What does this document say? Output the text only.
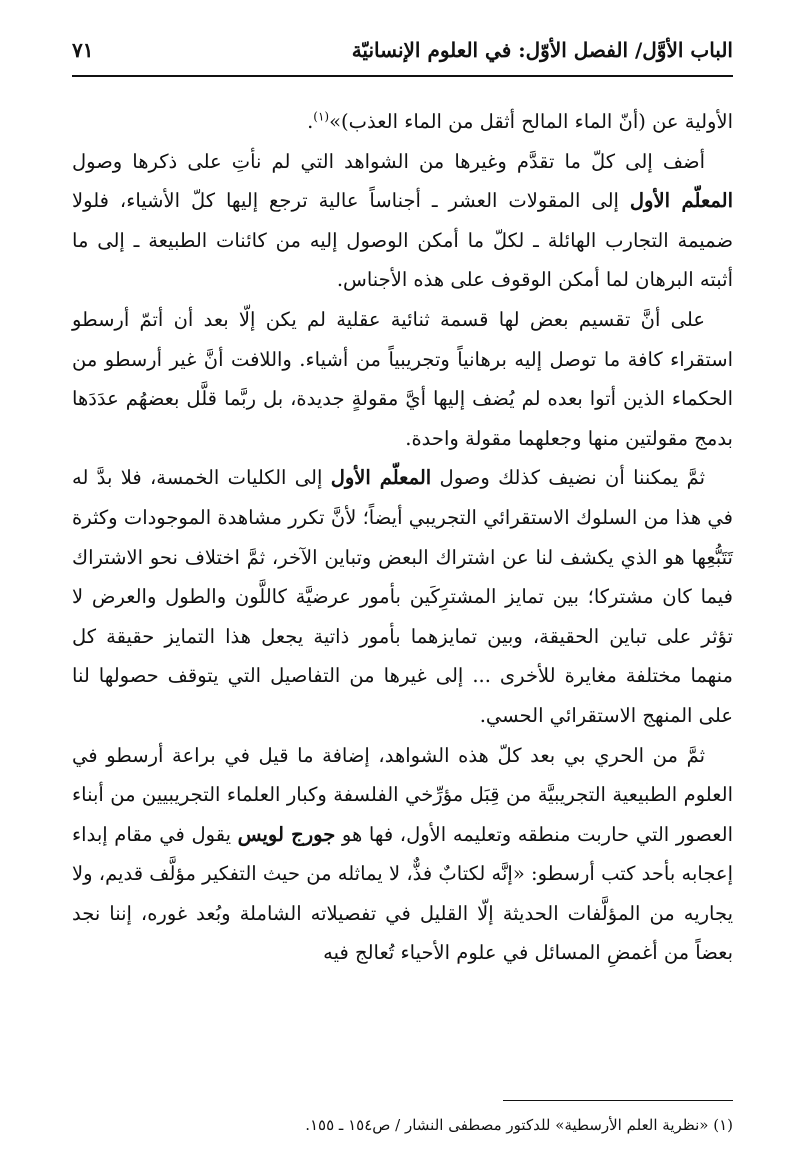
الباب الأوَّل/ الفصل الأوّل: في العلوم الإنسانيّة
٧١

الأولية عن (أنّ الماء المالح أثقل من الماء العذب)»$^{(١)}$.

أضف إلى كلّ ما تقدَّم وغيرها من الشواهد التي لم نأتِ على ذكرها وصول المعلّم الأول إلى المقولات العشر ـ أجناساً عالية ترجع إليها كلّ الأشياء، فلولا ضميمة التجارب الهائلة ـ لكلّ ما أمكن الوصول إليه من كائنات الطبيعة ـ إلى ما أثبته البرهان لما أمكن الوقوف على هذه الأجناس.

على أنَّ تقسيم بعض لها قسمة ثنائية عقلية لم يكن إلّا بعد أن أتمّ أرسطو استقراء كافة ما توصل إليه برهانياً وتجريبياً من أشياء. واللافت أنَّ غير أرسطو من الحكماء الذين أتوا بعده لم يُضف إليها أيَّ مقولةٍ جديدة، بل ربَّما قلَّل بعضهُم عدَدَها بدمج مقولتين منها وجعلهما مقولة واحدة.

ثمَّ يمكننا أن نضيف كذلك وصول المعلّم الأول إلى الكليات الخمسة، فلا بدَّ له في هذا من السلوك الاستقرائي التجريبي أيضاً؛ لأنَّ تكرر مشاهدة الموجودات وكثرة تَتَبُّعِها هو الذي يكشف لنا عن اشتراك البعض وتباين الآخر، ثمَّ اختلاف نحو الاشتراك فيما كان مشتركا؛ بين تمايز المشترِكَين بأمور عرضيَّة كاللَّون والطول والعرض لا تؤثر على تباين الحقيقة، وبين تمايزهما بأمور ذاتية يجعل هذا التمايز حقيقة كل منهما مختلفة مغايرة للأخرى ... إلى غيرها من التفاصيل التي يتوقف حصولها لنا على المنهج الاستقرائي الحسي.

ثمَّ من الحري بي بعد كلّ هذه الشواهد، إضافة ما قيل في براعة أرسطو في العلوم الطبيعية التجريبيَّة من قِبَل مؤرِّخي الفلسفة وكبار العلماء التجريبيين من أبناء العصور التي حاربت منطقه وتعليمه الأول، فها هو جورج لويس يقول في مقام إبداء إعجابه بأحد كتب أرسطو: «إنَّه لكتابٌ فذٌّ، لا يماثله من حيث التفكير مؤلَّف قديم، ولا يجاريه من المؤلَّفات الحديثة إلّا القليل في تفصيلاته الشاملة وبُعد غوره، إننا نجد بعضاً من أغمضِ المسائل في علوم الأحياء تُعالج فيه

(١) «نظرية العلم الأرسطية» للدكتور مصطفى النشار / ص١٥٤ ـ ١٥٥.
